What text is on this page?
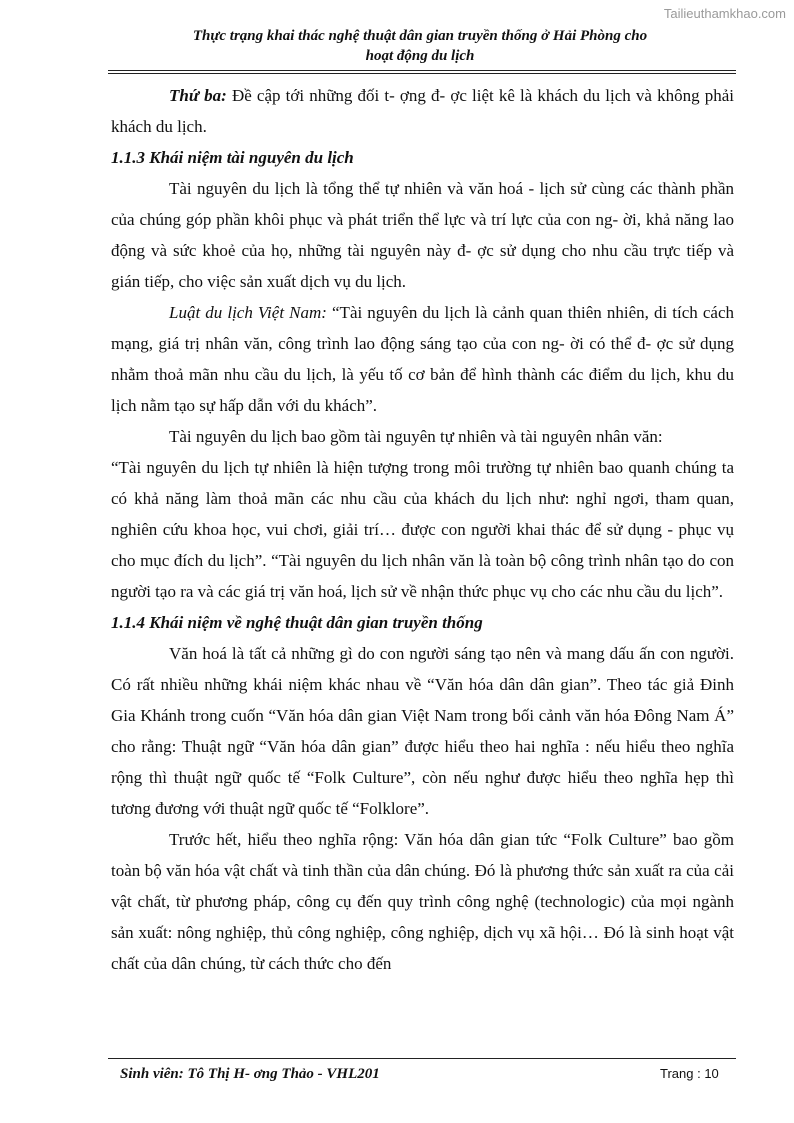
Tailieuthamkhao.com
Thực trạng khai thác nghệ thuật dân gian truyền thống ở Hải Phòng cho
hoạt động du lịch

Thứ ba: Đề cập tới những đối t- ợng đ- ợc liệt kê là khách du lịch và không phải khách du lịch.

1.1.3 Khái niệm tài nguyên du lịch

Tài nguyên du lịch là tổng thể tự nhiên và văn hoá - lịch sử cùng các thành phần của chúng góp phần khôi phục và phát triển thể lực và trí lực của con ng- ời, khả năng lao động và sức khoẻ của họ, những tài nguyên này đ- ợc sử dụng cho nhu cầu trực tiếp và gián tiếp, cho việc sản xuất dịch vụ du lịch.

Luật du lịch Việt Nam: “Tài nguyên du lịch là cảnh quan thiên nhiên, di tích cách mạng, giá trị nhân văn, công trình lao động sáng tạo của con ng- ời có thể đ- ợc sử dụng nhằm thoả mãn nhu cầu du lịch, là yếu tố cơ bản để hình thành các điểm du lịch, khu du lịch nằm tạo sự hấp dẫn với du khách”.

Tài nguyên du lịch bao gồm tài nguyên tự nhiên và tài nguyên nhân văn:

“Tài nguyên du lịch tự nhiên là hiện tượng trong môi trường tự nhiên bao quanh chúng ta có khả năng làm thoả mãn các nhu cầu của khách du lịch như: nghỉ ngơi, tham quan, nghiên cứu khoa học, vui chơi, giải trí… được con người khai thác để sử dụng - phục vụ cho mục đích du lịch”. “Tài nguyên du lịch nhân văn là toàn bộ công trình nhân tạo do con người tạo ra và các giá trị văn hoá, lịch sử về nhận thức phục vụ cho các nhu cầu du lịch”.

1.1.4 Khái niệm về nghệ thuật dân gian truyền thống

Văn hoá là tất cả những gì do con người sáng tạo nên và mang dấu ấn con người. Có rất nhiều những khái niệm khác nhau về “Văn hóa dân dân gian”. Theo tác giả Đinh Gia Khánh trong cuốn “Văn hóa dân gian Việt Nam trong bối cảnh văn hóa Đông Nam Á” cho rằng: Thuật ngữ “Văn hóa dân gian” được hiểu theo hai nghĩa : nếu hiểu theo nghĩa rộng thì thuật ngữ quốc tế “Folk Culture”, còn nếu nghư được hiểu theo nghĩa hẹp thì tương đương với thuật ngữ quốc tế “Folklore”.

Trước hết, hiểu theo nghĩa rộng: Văn hóa dân gian tức “Folk Culture” bao gồm toàn bộ văn hóa vật chất và tinh thần của dân chúng. Đó là phương thức sản xuất ra của cải vật chất, từ phương pháp, công cụ đến quy trình công nghệ (technologic) của mọi ngành sản xuất: nông nghiệp, thủ công nghiệp, công nghiệp, dịch vụ xã hội… Đó là sinh hoạt vật chất của dân chúng, từ cách thức cho đến

Sinh viên: Tô Thị H- ơng Thảo - VHL201	Trang : 10
